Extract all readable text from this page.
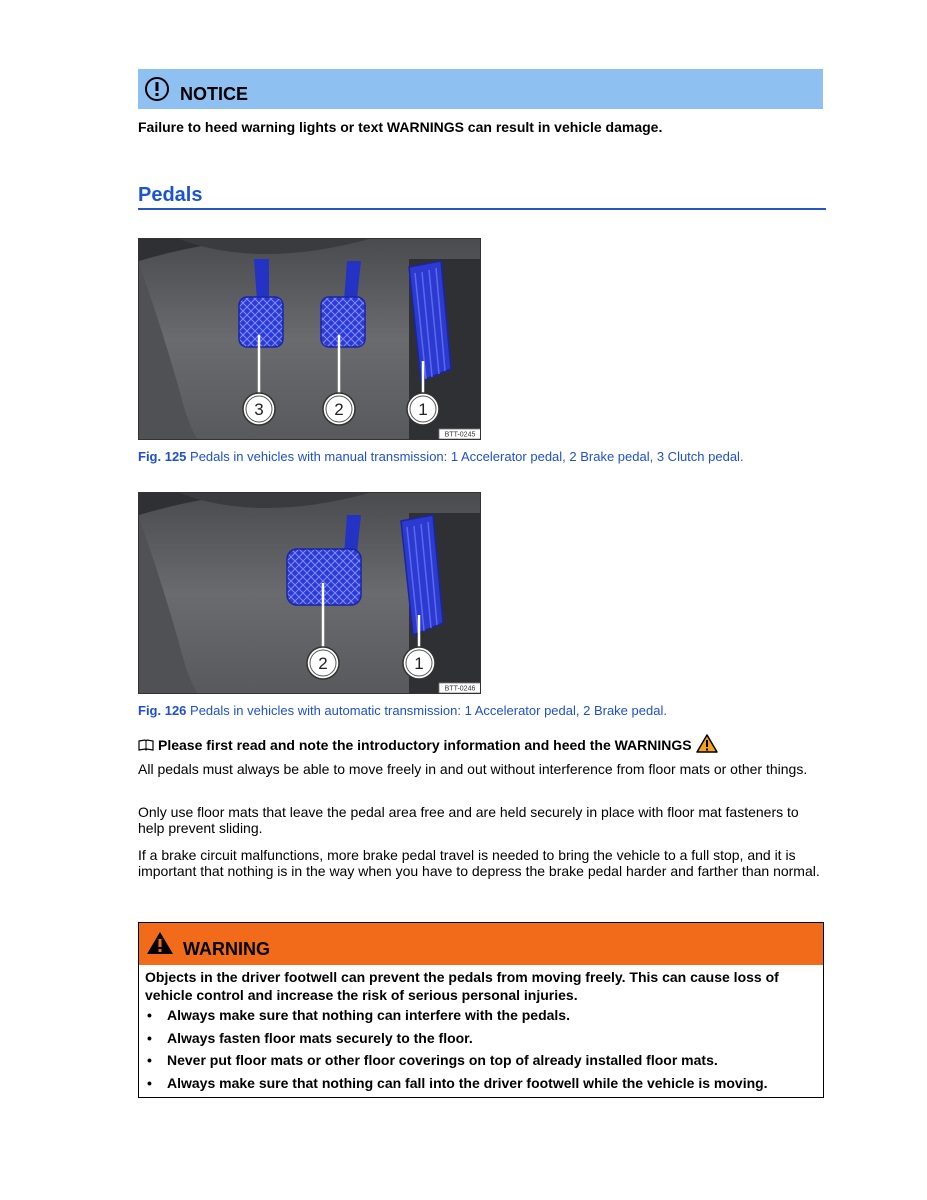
NOTICE
Failure to heed warning lights or text WARNINGS can result in vehicle damage.
Pedals
3	2	1
BTT-0245
Fig. 125 Pedals in vehicles with manual transmission: 1 Accelerator pedal, 2 Brake pedal, 3 Clutch pedal.
2	1
BTT-0246
Fig. 126 Pedals in vehicles with automatic transmission: 1 Accelerator pedal, 2 Brake pedal.
Please first read and note the introductory information and heed the WARNINGS
All pedals must always be able to move freely in and out without interference from floor mats or other things.
Only use floor mats that leave the pedal area free and are held securely in place with floor mat fasteners to help prevent sliding.
If a brake circuit malfunctions, more brake pedal travel is needed to bring the vehicle to a full stop, and it is important that nothing is in the way when you have to depress the brake pedal harder and farther than normal.
WARNING
Objects in the driver footwell can prevent the pedals from moving freely. This can cause loss of vehicle control and increase the risk of serious personal injuries.
• Always make sure that nothing can interfere with the pedals.
• Always fasten floor mats securely to the floor.
• Never put floor mats or other floor coverings on top of already installed floor mats.
• Always make sure that nothing can fall into the driver footwell while the vehicle is moving.
